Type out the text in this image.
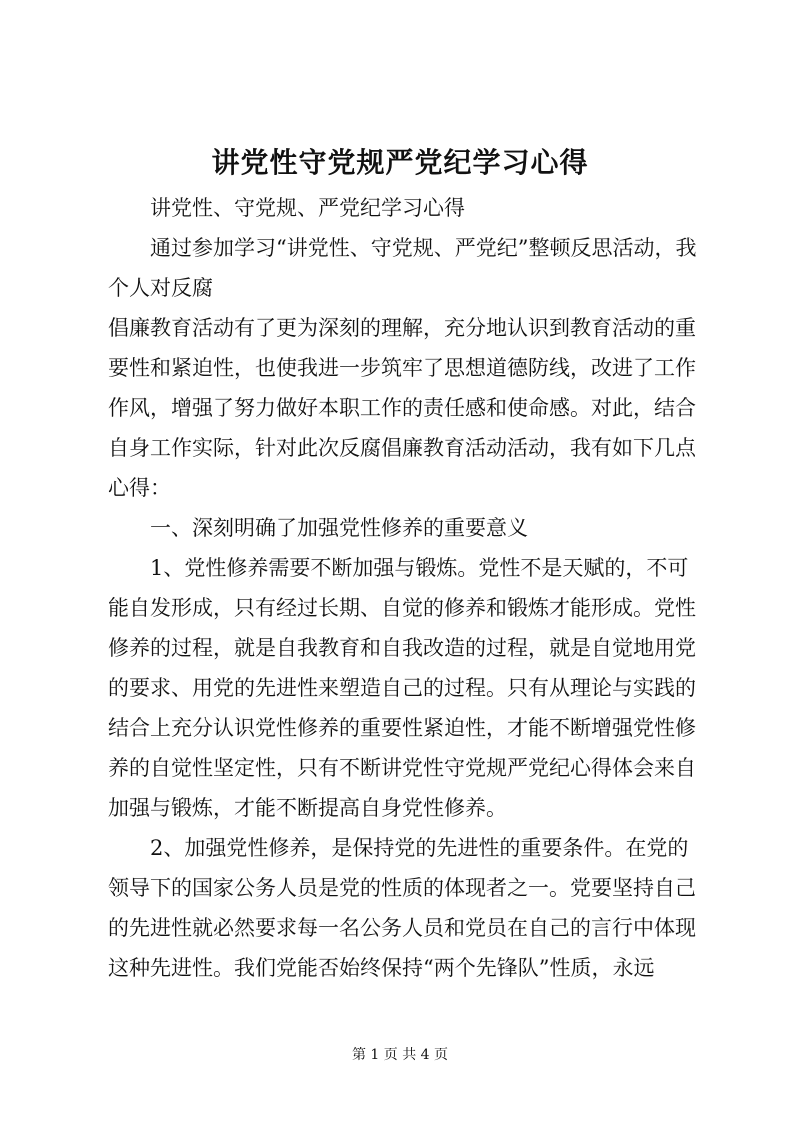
讲党性守党规严党纪学习心得

讲党性、守党规、严党纪学习心得

通过参加学习“讲党性、守党规、严党纪”整顿反思活动，我个人对反腐

倡廉教育活动有了更为深刻的理解，充分地认识到教育活动的重要性和紧迫性，也使我进一步筑牢了思想道德防线，改进了工作作风，增强了努力做好本职工作的责任感和使命感。对此，结合自身工作实际，针对此次反腐倡廉教育活动活动，我有如下几点心得：

一、深刻明确了加强党性修养的重要意义

1、党性修养需要不断加强与锻炼。党性不是天赋的，不可能自发形成，只有经过长期、自觉的修养和锻炼才能形成。党性修养的过程，就是自我教育和自我改造的过程，就是自觉地用党的要求、用党的先进性来塑造自己的过程。只有从理论与实践的结合上充分认识党性修养的重要性紧迫性，才能不断增强党性修养的自觉性坚定性，只有不断讲党性守党规严党纪心得体会来自加强与锻炼，才能不断提高自身党性修养。

2、加强党性修养，是保持党的先进性的重要条件。在党的领导下的国家公务人员是党的性质的体现者之一。党要坚持自己的先进性就必然要求每一名公务人员和党员在自己的言行中体现这种先进性。我们党能否始终保持“两个先锋队”性质，永远

第 1 页 共 4 页
